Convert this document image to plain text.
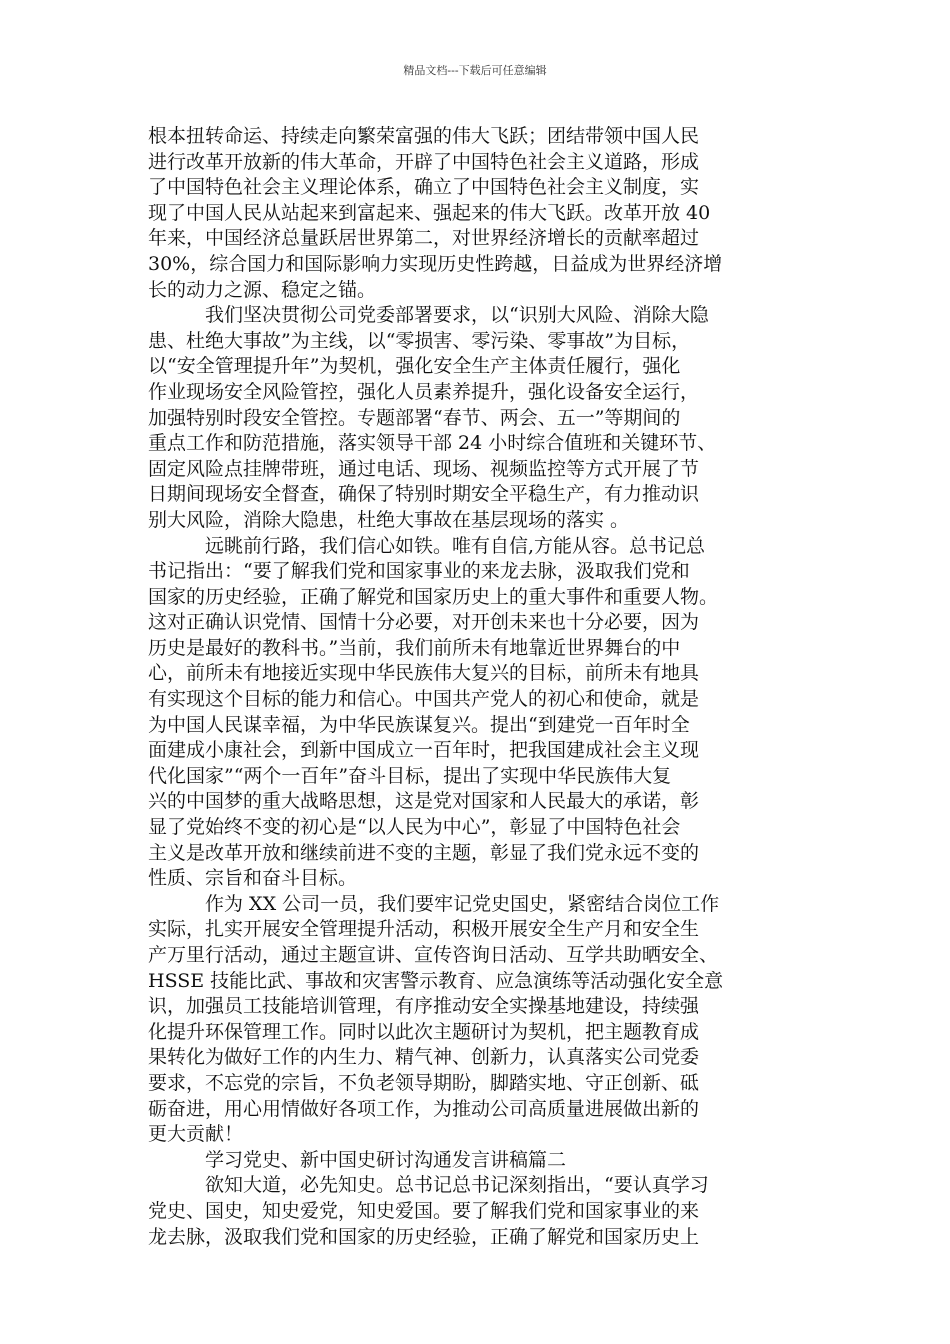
精品文档---下载后可任意编辑
根本扭转命运、持续走向繁荣富强的伟大飞跃；团结带领中国人民
进行改革开放新的伟大革命，开辟了中国特色社会主义道路，形成
了中国特色社会主义理论体系，确立了中国特色社会主义制度，实
现了中国人民从站起来到富起来、强起来的伟大飞跃。改革开放 40
年来，中国经济总量跃居世界第二，对世界经济增长的贡献率超过
30%，综合国力和国际影响力实现历史性跨越，日益成为世界经济增
长的动力之源、稳定之锚。
我们坚决贯彻公司党委部署要求，以“识别大风险、消除大隐
患、杜绝大事故”为主线，以“零损害、零污染、零事故”为目标，
以“安全管理提升年”为契机，强化安全生产主体责任履行，强化
作业现场安全风险管控，强化人员素养提升，强化设备安全运行，
加强特别时段安全管控。专题部署“春节、两会、五一”等期间的
重点工作和防范措施，落实领导干部 24 小时综合值班和关键环节、
固定风险点挂牌带班，通过电话、现场、视频监控等方式开展了节
日期间现场安全督查，确保了特别时期安全平稳生产，有力推动识
别大风险，消除大隐患，杜绝大事故在基层现场的落实 。
远眺前行路，我们信心如铁。唯有自信,方能从容。总书记总
书记指出：“要了解我们党和国家事业的来龙去脉，汲取我们党和
国家的历史经验，正确了解党和国家历史上的重大事件和重要人物。
这对正确认识党情、国情十分必要，对开创未来也十分必要，因为
历史是最好的教科书。”当前，我们前所未有地靠近世界舞台的中
心，前所未有地接近实现中华民族伟大复兴的目标，前所未有地具
有实现这个目标的能力和信心。中国共产党人的初心和使命，就是
为中国人民谋幸福，为中华民族谋复兴。提出“到建党一百年时全
面建成小康社会，到新中国成立一百年时，把我国建成社会主义现
代化国家”“两个一百年”奋斗目标，提出了实现中华民族伟大复
兴的中国梦的重大战略思想，这是党对国家和人民最大的承诺，彰
显了党始终不变的初心是“以人民为中心”，彰显了中国特色社会
主义是改革开放和继续前进不变的主题，彰显了我们党永远不变的
性质、宗旨和奋斗目标。
作为 XX 公司一员，我们要牢记党史国史，紧密结合岗位工作
实际，扎实开展安全管理提升活动，积极开展安全生产月和安全生
产万里行活动，通过主题宣讲、宣传咨询日活动、互学共助晒安全、
HSSE 技能比武、事故和灾害警示教育、应急演练等活动强化安全意
识，加强员工技能培训管理，有序推动安全实操基地建设，持续强
化提升环保管理工作。同时以此次主题研讨为契机，把主题教育成
果转化为做好工作的内生力、精气神、创新力，认真落实公司党委
要求，不忘党的宗旨，不负老领导期盼，脚踏实地、守正创新、砥
砺奋进，用心用情做好各项工作，为推动公司高质量进展做出新的
更大贡献！
学习党史、新中国史研讨沟通发言讲稿篇二
欲知大道，必先知史。总书记总书记深刻指出，“要认真学习
党史、国史，知史爱党，知史爱国。要了解我们党和国家事业的来
龙去脉，汲取我们党和国家的历史经验，正确了解党和国家历史上
